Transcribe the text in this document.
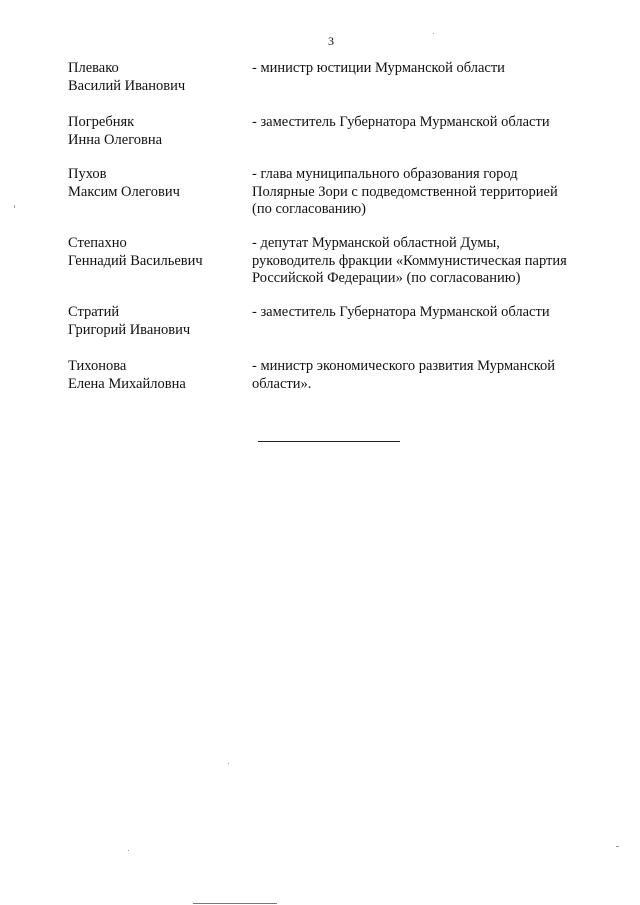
3
Плевако
Василий Иванович
- министр юстиции Мурманской области
Погребняк
Инна Олеговна
- заместитель Губернатора Мурманской области
Пухов
Максим Олегович
- глава муниципального образования город
Полярные Зори с подведомственной территорией
(по согласованию)
Степахно
Геннадий Васильевич
- депутат Мурманской областной Думы,
руководитель фракции «Коммунистическая партия
Российской Федерации» (по согласованию)
Стратий
Григорий Иванович
- заместитель Губернатора Мурманской области
Тихонова
Елена Михайловна
- министр экономического развития Мурманской
области».
